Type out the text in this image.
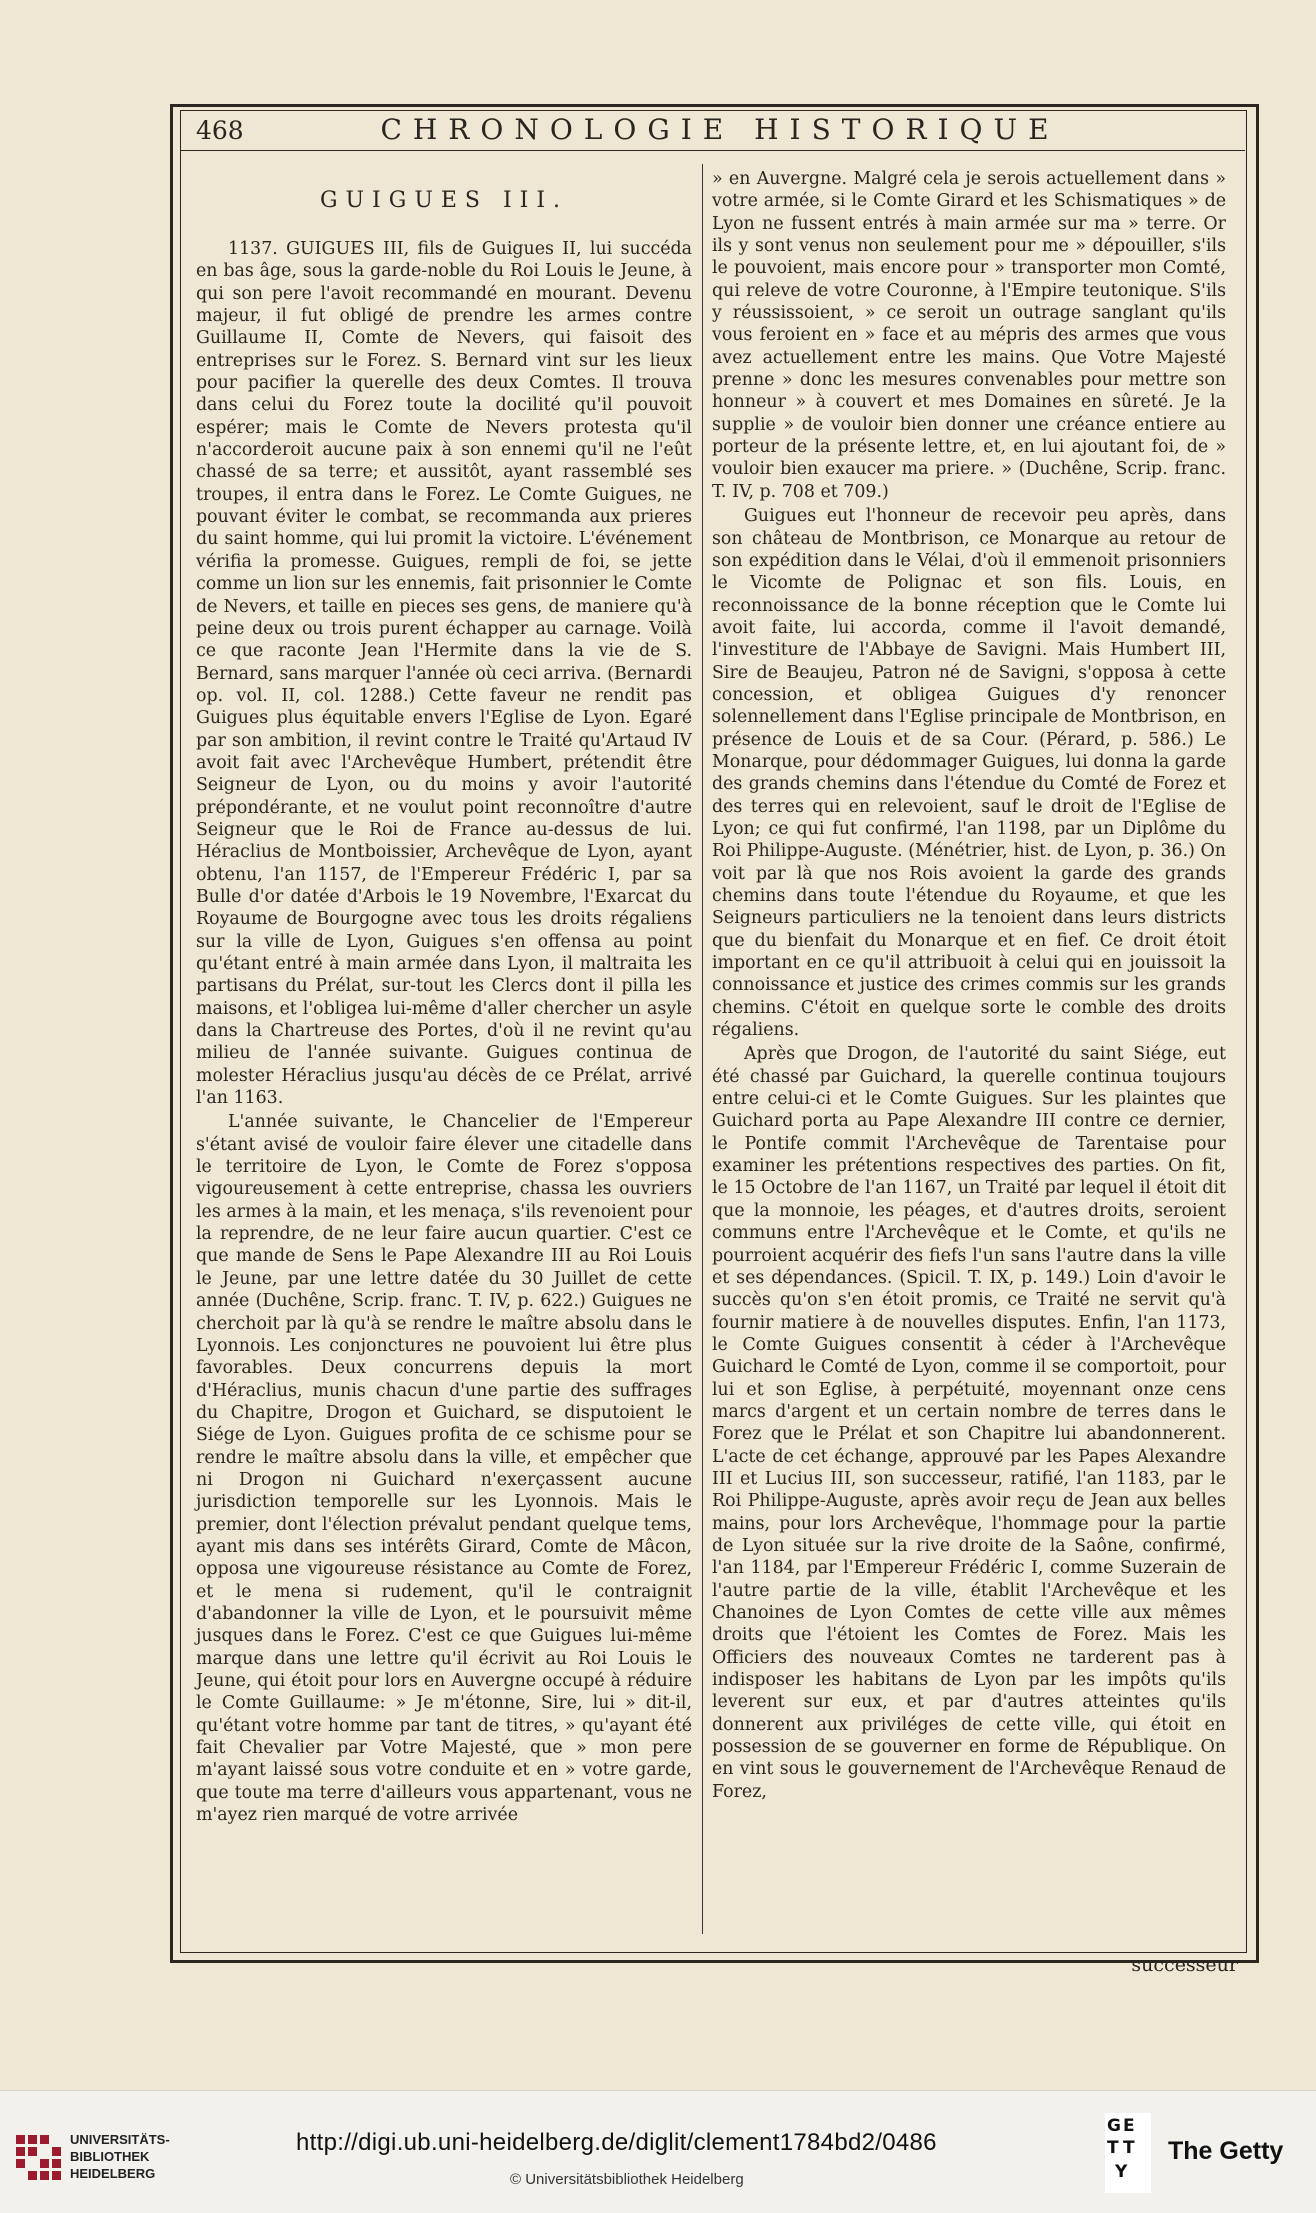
468	CHRONOLOGIE HISTORIQUE
GUIGUES III.

1137. GUIGUES III, fils de Guigues II, lui succéda en bas âge, sous la garde-noble du Roi Louis le Jeune, à qui son pere l'avoit recommandé en mourant. Devenu majeur, il fut obligé de prendre les armes contre Guillaume II, Comte de Nevers, qui faisoit des entreprises sur le Forez. S. Bernard vint sur les lieux pour pacifier la querelle des deux Comtes. Il trouva dans celui du Forez toute la docilité qu'il pouvoit espérer; mais le Comte de Nevers protesta qu'il n'accorderoit aucune paix à son ennemi qu'il ne l'eût chassé de sa terre; et aussitôt, ayant rassemblé ses troupes, il entra dans le Forez. Le Comte Guigues, ne pouvant éviter le combat, se recommanda aux prieres du saint homme, qui lui promit la victoire. L'événement vérifia la promesse. Guigues, rempli de foi, se jette comme un lion sur les ennemis, fait prisonnier le Comte de Nevers, et taille en pieces ses gens, de maniere qu'à peine deux ou trois purent échapper au carnage. Voilà ce que raconte Jean l'Hermite dans la vie de S. Bernard, sans marquer l'année où ceci arriva. (Bernardi op. vol. II, col. 1288.) Cette faveur ne rendit pas Guigues plus équitable envers l'Eglise de Lyon. Egaré par son ambition, il revint contre le Traité qu'Artaud IV avoit fait avec l'Archevêque Humbert, prétendit être Seigneur de Lyon, ou du moins y avoir l'autorité prépondérante, et ne voulut point reconnoître d'autre Seigneur que le Roi de France au-dessus de lui. Héraclius de Montboissier, Archevêque de Lyon, ayant obtenu, l'an 1157, de l'Empereur Frédéric I, par sa Bulle d'or datée d'Arbois le 19 Novembre, l'Exarcat du Royaume de Bourgogne avec tous les droits régaliens sur la ville de Lyon, Guigues s'en offensa au point qu'étant entré à main armée dans Lyon, il maltraita les partisans du Prélat, sur-tout les Clercs dont il pilla les maisons, et l'obligea lui-même d'aller chercher un asyle dans la Chartreuse des Portes, d'où il ne revint qu'au milieu de l'année suivante. Guigues continua de molester Héraclius jusqu'au décès de ce Prélat, arrivé l'an 1163.

L'année suivante, le Chancelier de l'Empereur s'étant avisé de vouloir faire élever une citadelle dans le territoire de Lyon, le Comte de Forez s'opposa vigoureusement à cette entreprise, chassa les ouvriers les armes à la main, et les menaça, s'ils revenoient pour la reprendre, de ne leur faire aucun quartier. C'est ce que mande de Sens le Pape Alexandre III au Roi Louis le Jeune, par une lettre datée du 30 Juillet de cette année (Duchêne, Scrip. franc. T. IV, p. 622.) Guigues ne cherchoit par là qu'à se rendre le maître absolu dans le Lyonnois. Les conjonctures ne pouvoient lui être plus favorables. Deux concurrens depuis la mort d'Héraclius, munis chacun d'une partie des suffrages du Chapitre, Drogon et Guichard, se disputoient le Siége de Lyon. Guigues profita de ce schisme pour se rendre le maître absolu dans la ville, et empêcher que ni Drogon ni Guichard n'exerçassent aucune jurisdiction temporelle sur les Lyonnois. Mais le premier, dont l'élection prévalut pendant quelque tems, ayant mis dans ses intérêts Girard, Comte de Mâcon, opposa une vigoureuse résistance au Comte de Forez, et le mena si rudement, qu'il le contraignit d'abandonner la ville de Lyon, et le poursuivit même jusques dans le Forez. C'est ce que Guigues lui-même marque dans une lettre qu'il écrivit au Roi Louis le Jeune, qui étoit pour lors en Auvergne occupé à réduire le Comte Guillaume: » Je m'étonne, Sire, lui » dit-il, qu'étant votre homme par tant de titres, » qu'ayant été fait Chevalier par Votre Majesté, que » mon pere m'ayant laissé sous votre conduite et en » votre garde, que toute ma terre d'ailleurs vous appartenant, vous ne m'ayez rien marqué de votre arrivée

» en Auvergne. Malgré cela je serois actuellement dans » votre armée, si le Comte Girard et les Schismatiques » de Lyon ne fussent entrés à main armée sur ma » terre. Or ils y sont venus non seulement pour me » dépouiller, s'ils le pouvoient, mais encore pour » transporter mon Comté, qui releve de votre Couronne, à l'Empire teutonique. S'ils y réussissoient, » ce seroit un outrage sanglant qu'ils vous feroient en » face et au mépris des armes que vous avez actuellement entre les mains. Que Votre Majesté prenne » donc les mesures convenables pour mettre son honneur » à couvert et mes Domaines en sûreté. Je la supplie » de vouloir bien donner une créance entiere au porteur de la présente lettre, et, en lui ajoutant foi, de » vouloir bien exaucer ma priere. » (Duchêne, Scrip. franc. T. IV, p. 708 et 709.)

Guigues eut l'honneur de recevoir peu après, dans son château de Montbrison, ce Monarque au retour de son expédition dans le Vélai, d'où il emmenoit prisonniers le Vicomte de Polignac et son fils. Louis, en reconnoissance de la bonne réception que le Comte lui avoit faite, lui accorda, comme il l'avoit demandé, l'investiture de l'Abbaye de Savigni. Mais Humbert III, Sire de Beaujeu, Patron né de Savigni, s'opposa à cette concession, et obligea Guigues d'y renoncer solennellement dans l'Eglise principale de Montbrison, en présence de Louis et de sa Cour. (Pérard, p. 586.) Le Monarque, pour dédommager Guigues, lui donna la garde des grands chemins dans l'étendue du Comté de Forez et des terres qui en relevoient, sauf le droit de l'Eglise de Lyon; ce qui fut confirmé, l'an 1198, par un Diplôme du Roi Philippe-Auguste. (Ménétrier, hist. de Lyon, p. 36.) On voit par là que nos Rois avoient la garde des grands chemins dans toute l'étendue du Royaume, et que les Seigneurs particuliers ne la tenoient dans leurs districts que du bienfait du Monarque et en fief. Ce droit étoit important en ce qu'il attribuoit à celui qui en jouissoit la connoissance et justice des crimes commis sur les grands chemins. C'étoit en quelque sorte le comble des droits régaliens.

Après que Drogon, de l'autorité du saint Siége, eut été chassé par Guichard, la querelle continua toujours entre celui-ci et le Comte Guigues. Sur les plaintes que Guichard porta au Pape Alexandre III contre ce dernier, le Pontife commit l'Archevêque de Tarentaise pour examiner les prétentions respectives des parties. On fit, le 15 Octobre de l'an 1167, un Traité par lequel il étoit dit que la monnoie, les péages, et d'autres droits, seroient communs entre l'Archevêque et le Comte, et qu'ils ne pourroient acquérir des fiefs l'un sans l'autre dans la ville et ses dépendances. (Spicil. T. IX, p. 149.) Loin d'avoir le succès qu'on s'en étoit promis, ce Traité ne servit qu'à fournir matiere à de nouvelles disputes. Enfin, l'an 1173, le Comte Guigues consentit à céder à l'Archevêque Guichard le Comté de Lyon, comme il se comportoit, pour lui et son Eglise, à perpétuité, moyennant onze cens marcs d'argent et un certain nombre de terres dans le Forez que le Prélat et son Chapitre lui abandonnerent. L'acte de cet échange, approuvé par les Papes Alexandre III et Lucius III, son successeur, ratifié, l'an 1183, par le Roi Philippe-Auguste, après avoir reçu de Jean aux belles mains, pour lors Archevêque, l'hommage pour la partie de Lyon située sur la rive droite de la Saône, confirmé, l'an 1184, par l'Empereur Frédéric I, comme Suzerain de l'autre partie de la ville, établit l'Archevêque et les Chanoines de Lyon Comtes de cette ville aux mêmes droits que l'étoient les Comtes de Forez. Mais les Officiers des nouveaux Comtes ne tarderent pas à indisposer les habitans de Lyon par les impôts qu'ils leverent sur eux, et par d'autres atteintes qu'ils donnerent aux priviléges de cette ville, qui étoit en possession de se gouverner en forme de République. On en vint sous le gouvernement de l'Archevêque Renaud de Forez,

successeur
UNIVERSITÄTS-
BIBLIOTHEK
HEIDELBERG
http://digi.ub.uni-heidelberg.de/diglit/clement1784bd2/0486
© Universitätsbibliothek Heidelberg
G E
T T
Y
The Getty
